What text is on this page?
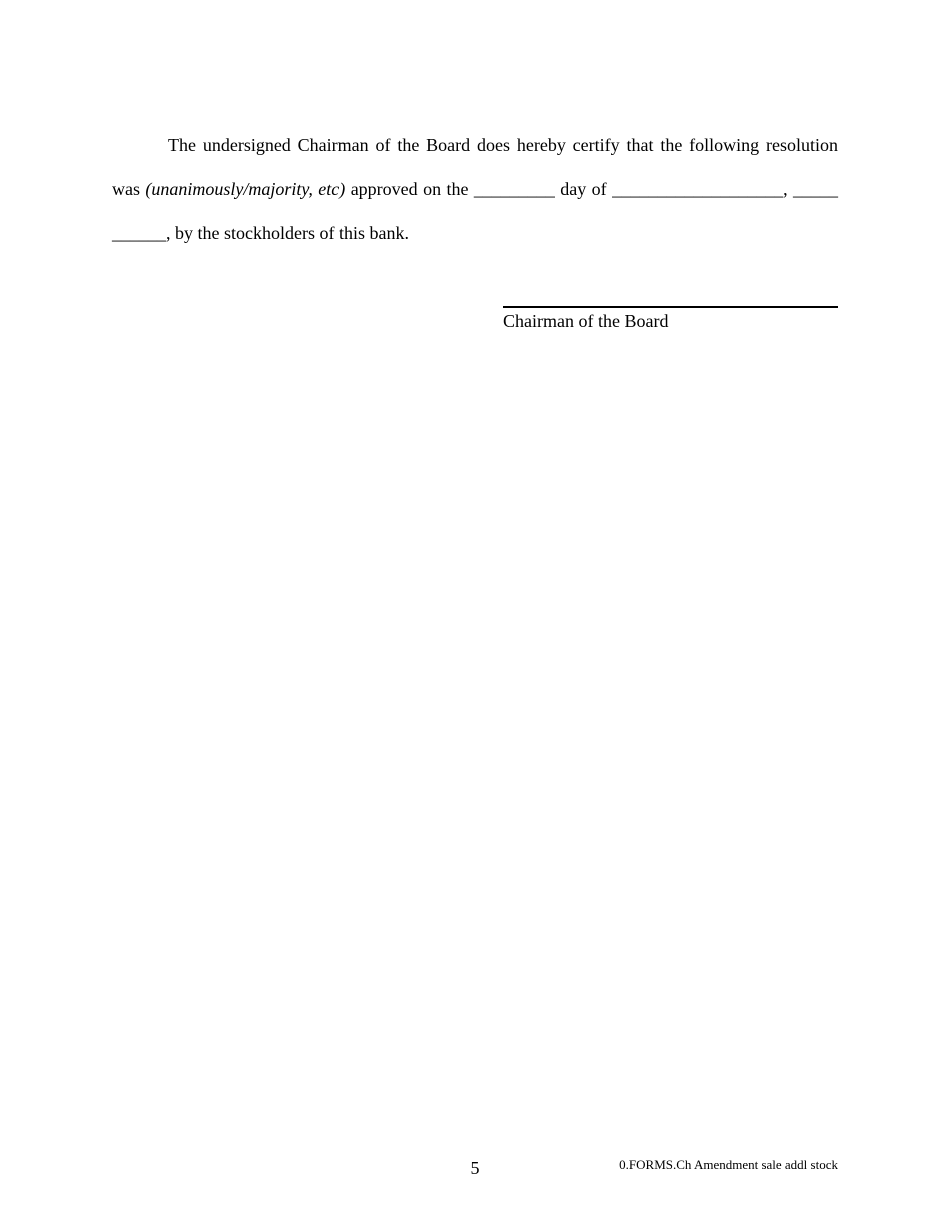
The undersigned Chairman of the Board does hereby certify that the following resolution
was (unanimously/majority, etc) approved on the _________ day of ___________________, _____
______, by the stockholders of this bank.
Chairman of the Board
5	0.FORMS.Ch Amendment sale addl stock
